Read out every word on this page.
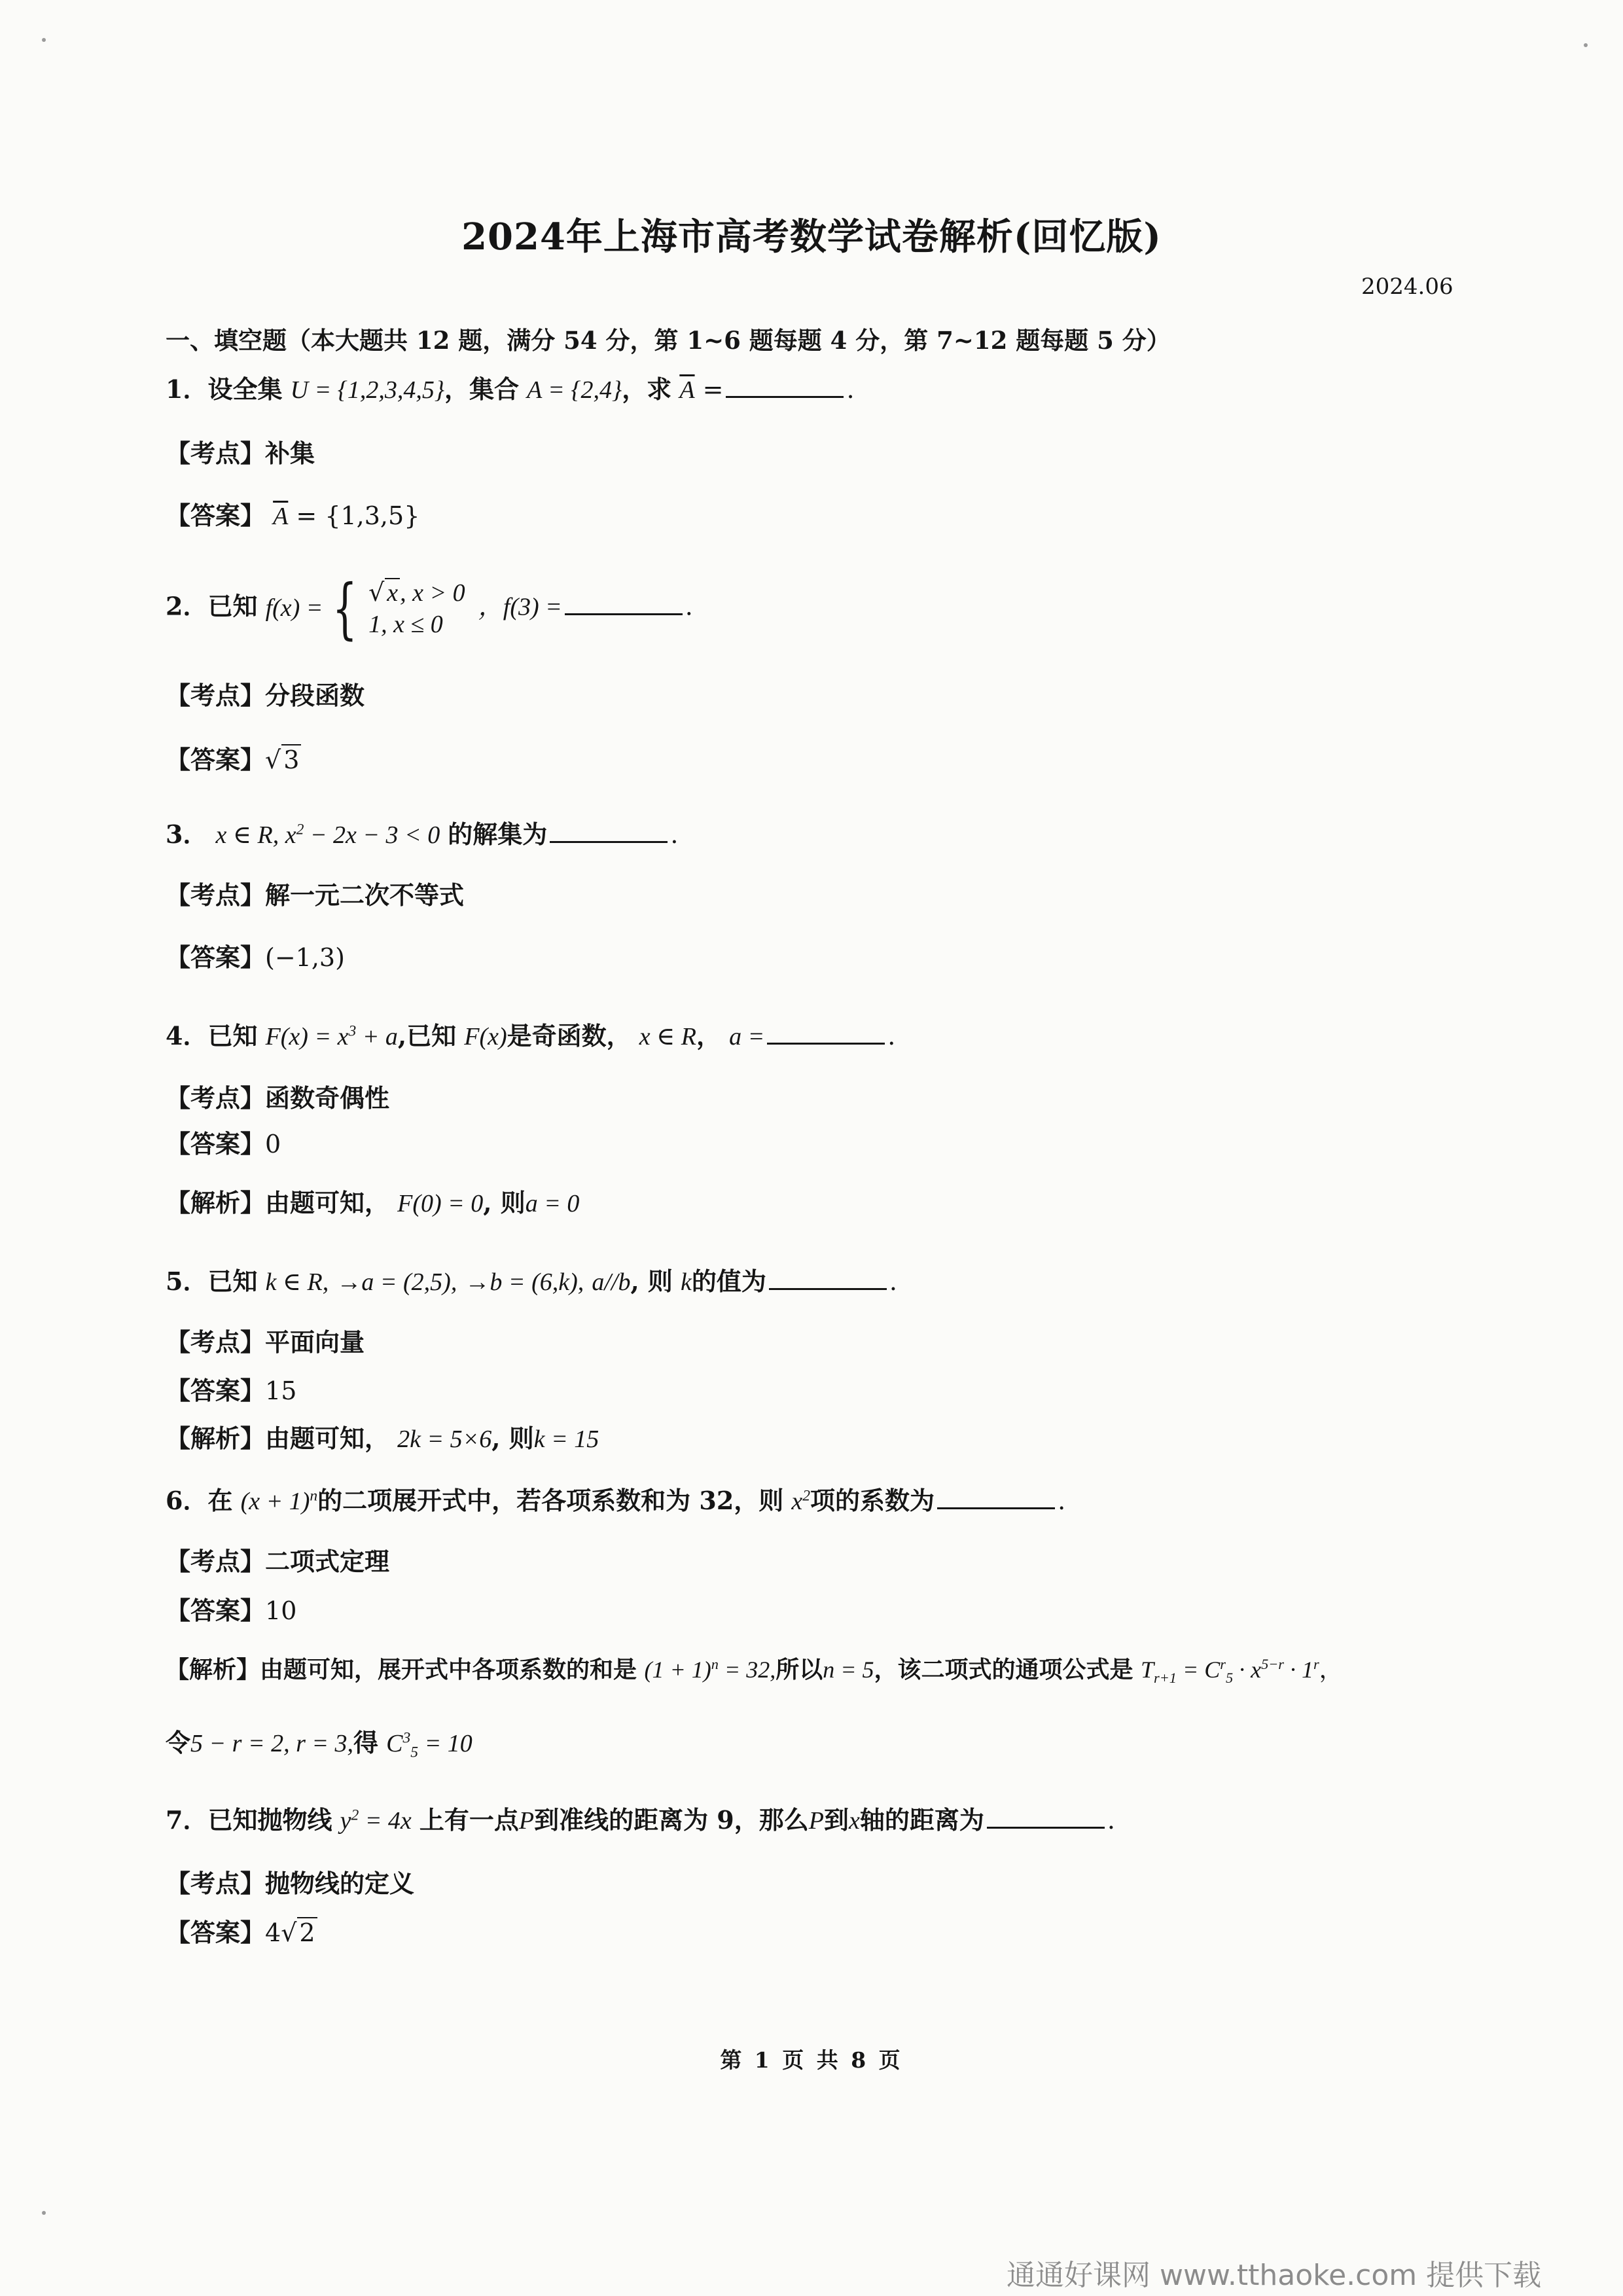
2024年上海市高考数学试卷解析(回忆版)
2024.06
一、填空题（本大题共 12 题，满分 54 分，第 1~6 题每题 4 分，第 7~12 题每题 5 分）
1．设全集 U = {1,2,3,4,5}，集合 A = {2,4}，求 $\overline{A}$ =	.
【考点】补集
【答案】 $\overline{A} = \{1,3,5\}$
2．已知 f(x) = { √ x, x > 0
1, x ≤ 0
，f(3) =	.
【考点】分段函数
【答案】√ 3
3． x ∈ R, $x^2 - 2x - 3 < 0$ 的解集为	.
【考点】解一元二次不等式
【答案】(−1,3)
4．已知 $F(x) = x^3 + a$,已知 F(x)是奇函数， x ∈ R， a =	.
【考点】函数奇偶性
【答案】0
【解析】由题可知， F(0) = 0, 则a = 0
5．已知 k ∈ R, →a = (2,5), →b = (6,k), a//b, 则 k的值为	.
【考点】平面向量
【答案】15
【解析】由题可知， 2k = 5×6, 则k = 15
6．在 $(x + 1)^n$的二项展开式中，若各项系数和为 32，则 $x^2$项的系数为	.
【考点】二项式定理
【答案】10
【解析】由题可知，展开式中各项系数的和是 $(1 + 1)^n = 32$,所以n = 5，该二项式的通项公式是 $T_{r+1} = C^r_5 \cdot x^{5-r} \cdot 1^r$，
令5 − r = 2, r = 3,得 $C^3_5 = 10$
7．已知抛物线 $y^2 = 4x$ 上有一点P到准线的距离为 9，那么P到x轴的距离为	.
【考点】抛物线的定义
【答案】4√ 2
第 1 页 共 8 页
通通好课网 www.tthaoke.com 提供下载
